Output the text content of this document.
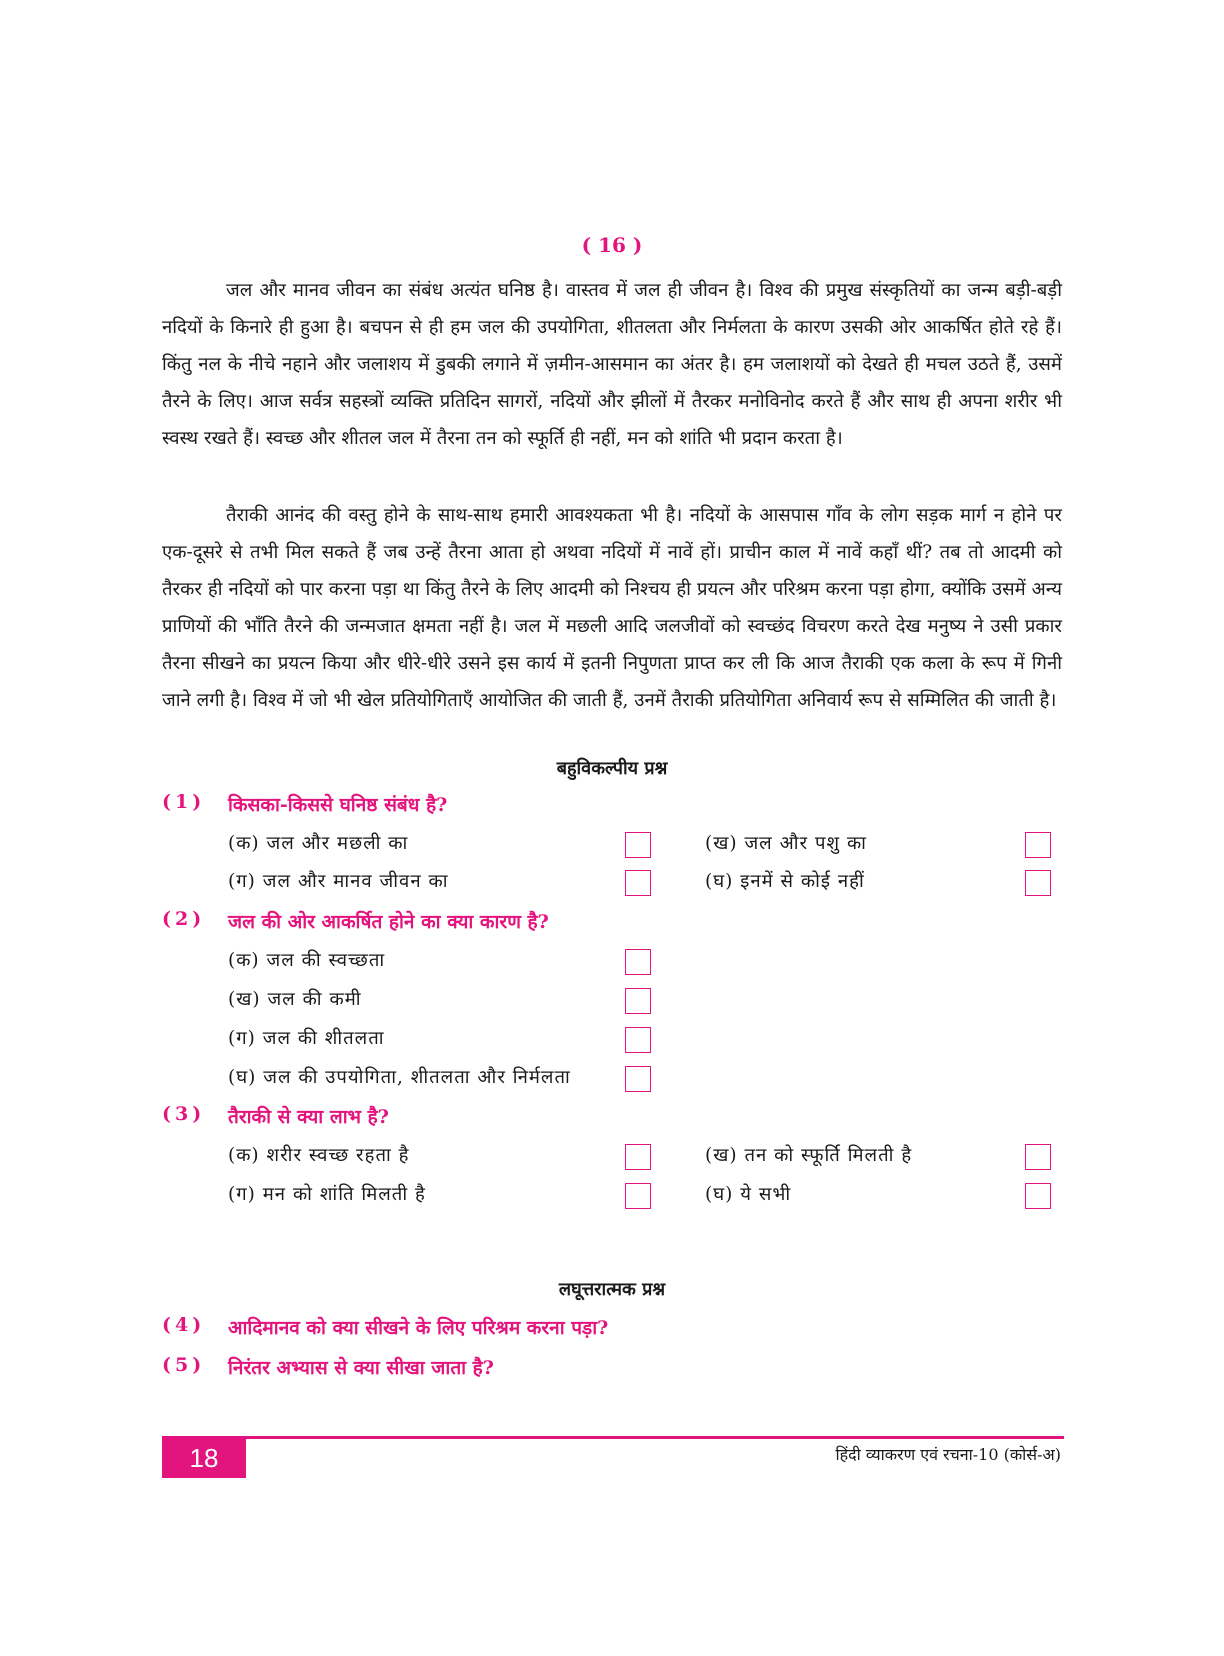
( 16 )

जल और मानव जीवन का संबंध अत्यंत घनिष्ठ है। वास्तव में जल ही जीवन है। विश्व की प्रमुख संस्कृतियों का जन्म बड़ी-बड़ी नदियों के किनारे ही हुआ है। बचपन से ही हम जल की उपयोगिता, शीतलता और निर्मलता के कारण उसकी ओर आकर्षित होते रहे हैं। किंतु नल के नीचे नहाने और जलाशय में डुबकी लगाने में ज़मीन-आसमान का अंतर है। हम जलाशयों को देखते ही मचल उठते हैं, उसमें तैरने के लिए। आज सर्वत्र सहस्त्रों व्यक्ति प्रतिदिन सागरों, नदियों और झीलों में तैरकर मनोविनोद करते हैं और साथ ही अपना शरीर भी स्वस्थ रखते हैं। स्वच्छ और शीतल जल में तैरना तन को स्फूर्ति ही नहीं, मन को शांति भी प्रदान करता है।

तैराकी आनंद की वस्तु होने के साथ-साथ हमारी आवश्यकता भी है। नदियों के आसपास गाँव के लोग सड़क मार्ग न होने पर एक-दूसरे से तभी मिल सकते हैं जब उन्हें तैरना आता हो अथवा नदियों में नावें हों। प्राचीन काल में नावें कहाँ थीं? तब तो आदमी को तैरकर ही नदियों को पार करना पड़ा था किंतु तैरने के लिए आदमी को निश्चय ही प्रयत्न और परिश्रम करना पड़ा होगा, क्योंकि उसमें अन्य प्राणियों की भाँति तैरने की जन्मजात क्षमता नहीं है। जल में मछली आदि जलजीवों को स्वच्छंद विचरण करते देख मनुष्य ने उसी प्रकार तैरना सीखने का प्रयत्न किया और धीरे-धीरे उसने इस कार्य में इतनी निपुणता प्राप्त कर ली कि आज तैराकी एक कला के रूप में गिनी जाने लगी है। विश्व में जो भी खेल प्रतियोगिताएँ आयोजित की जाती हैं, उनमें तैराकी प्रतियोगिता अनिवार्य रूप से सम्मिलित की जाती है।

बहुविकल्पीय प्रश्न
(1) किसका-किससे घनिष्ठ संबंध है?
(क) जल और मछली का	(ख) जल और पशु का
(ग) जल और मानव जीवन का	(घ) इनमें से कोई नहीं
(2) जल की ओर आकर्षित होने का क्या कारण है?
(क) जल की स्वच्छता
(ख) जल की कमी
(ग) जल की शीतलता
(घ) जल की उपयोगिता, शीतलता और निर्मलता
(3) तैराकी से क्या लाभ है?
(क) शरीर स्वच्छ रहता है	(ख) तन को स्फूर्ति मिलती है
(ग) मन को शांति मिलती है	(घ) ये सभी
लघूत्तरात्मक प्रश्न
(4) आदिमानव को क्या सीखने के लिए परिश्रम करना पड़ा?
(5) निरंतर अभ्यास से क्या सीखा जाता है?
18	हिंदी व्याकरण एवं रचना-10 (कोर्स-अ)
